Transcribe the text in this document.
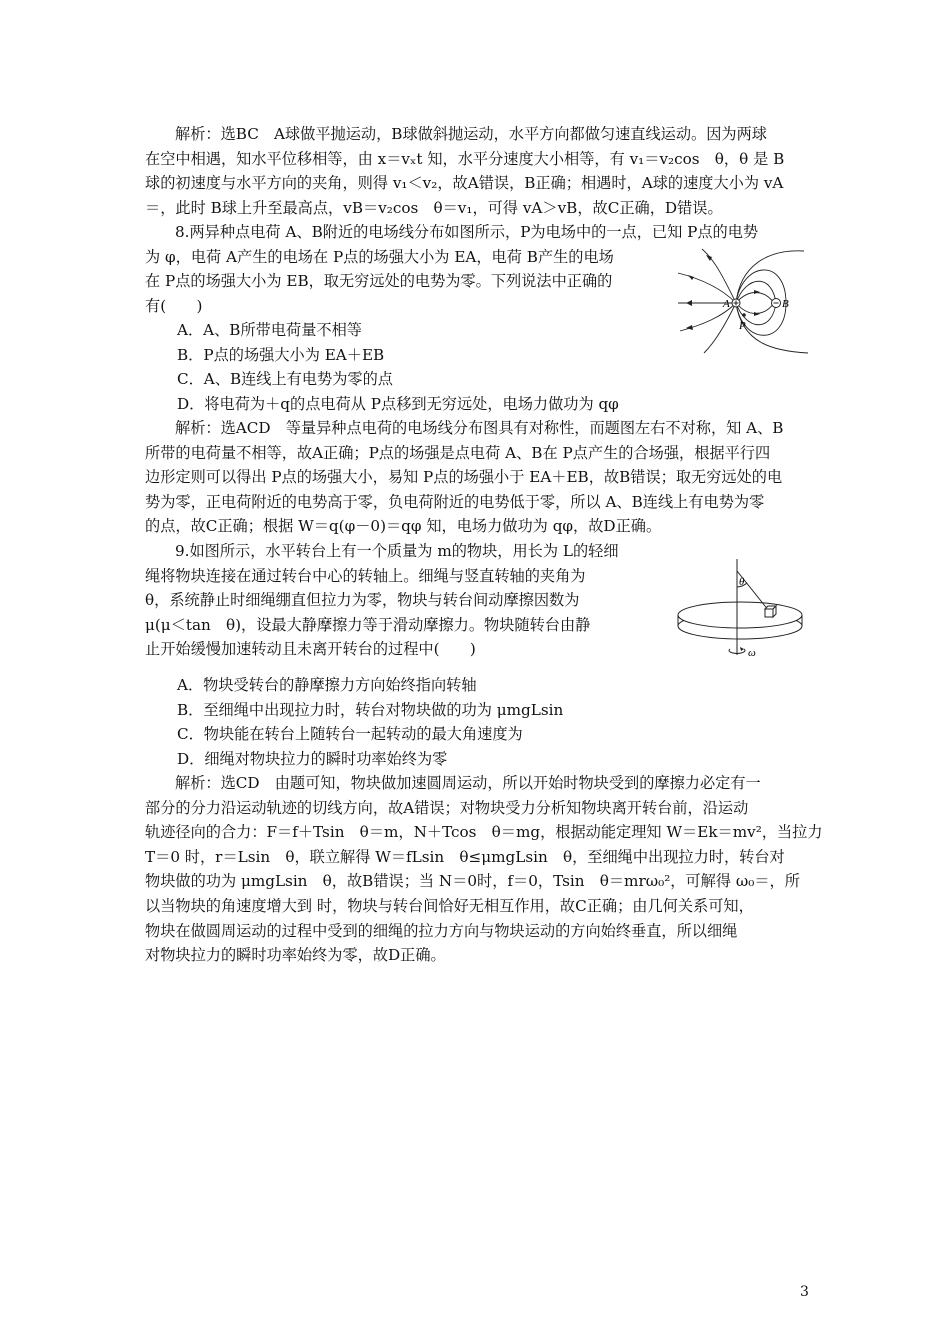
解析：选BC　A球做平抛运动，B球做斜抛运动，水平方向都做匀速直线运动。因为两球
在空中相遇，知水平位移相等，由 x＝vₓt 知，水平分速度大小相等，有 v₁＝v₂cos　θ，θ 是 B
球的初速度与水平方向的夹角，则得 v₁＜v₂，故A错误，B正确；相遇时，A球的速度大小为 vA
＝，此时 B球上升至最高点，vB＝v₂cos　θ＝v₁，可得 vA＞vB，故C正确，D错误。
8.两异种点电荷 A、B附近的电场线分布如图所示，P为电场中的一点，已知 P点的电势
为 φ，电荷 A产生的电场在 P点的场强大小为 EA，电荷 B产生的电场
在 P点的场强大小为 EB，取无穷远处的电势为零。下列说法中正确的
有(　　)
A．A、B所带电荷量不相等
B．P点的场强大小为 EA＋EB
C．A、B连线上有电势为零的点
D．将电荷为＋q的点电荷从 P点移到无穷远处，电场力做功为 qφ
解析：选ACD　等量异种点电荷的电场线分布图具有对称性，而题图左右不对称，知 A、B
所带的电荷量不相等，故A正确；P点的场强是点电荷 A、B在 P点产生的合场强，根据平行四
边形定则可以得出 P点的场强大小，易知 P点的场强小于 EA＋EB，故B错误；取无穷远处的电
势为零，正电荷附近的电势高于零，负电荷附近的电势低于零，所以 A、B连线上有电势为零
的点，故C正确；根据 W＝q(φ－0)＝qφ 知，电场力做功为 qφ，故D正确。
9.如图所示，水平转台上有一个质量为 m的物块，用长为 L的轻细
绳将物块连接在通过转台中心的转轴上。细绳与竖直转轴的夹角为
θ，系统静止时细绳绷直但拉力为零，物块与转台间动摩擦因数为
μ(μ＜tan　θ)，设最大静摩擦力等于滑动摩擦力。物块随转台由静
止开始缓慢加速转动且未离开转台的过程中(　　)
A．物块受转台的静摩擦力方向始终指向转轴
B．至细绳中出现拉力时，转台对物块做的功为 μmgLsin
C．物块能在转台上随转台一起转动的最大角速度为
D．细绳对物块拉力的瞬时功率始终为零
解析：选CD　由题可知，物块做加速圆周运动，所以开始时物块受到的摩擦力必定有一
部分的分力沿运动轨迹的切线方向，故A错误；对物块受力分析知物块离开转台前，沿运动
轨迹径向的合力：F＝f＋Tsin　θ＝m，N＋Tcos　θ＝mg，根据动能定理知 W＝Ek＝mv²，当拉力
T＝0 时，r＝Lsin　θ，联立解得 W＝fLsin　θ≤μmgLsin　θ，至细绳中出现拉力时，转台对
物块做的功为 μmgLsin　θ，故B错误；当 N＝0时，f＝0，Tsin　θ＝mrω₀²，可解得 ω₀＝，所
以当物块的角速度增大到 时，物块与转台间恰好无相互作用，故C正确；由几何关系可知，
物块在做圆周运动的过程中受到的细绳的拉力方向与物块运动的方向始终垂直，所以细绳
对物块拉力的瞬时功率始终为零，故D正确。
A	B
P
θ
ω
3
